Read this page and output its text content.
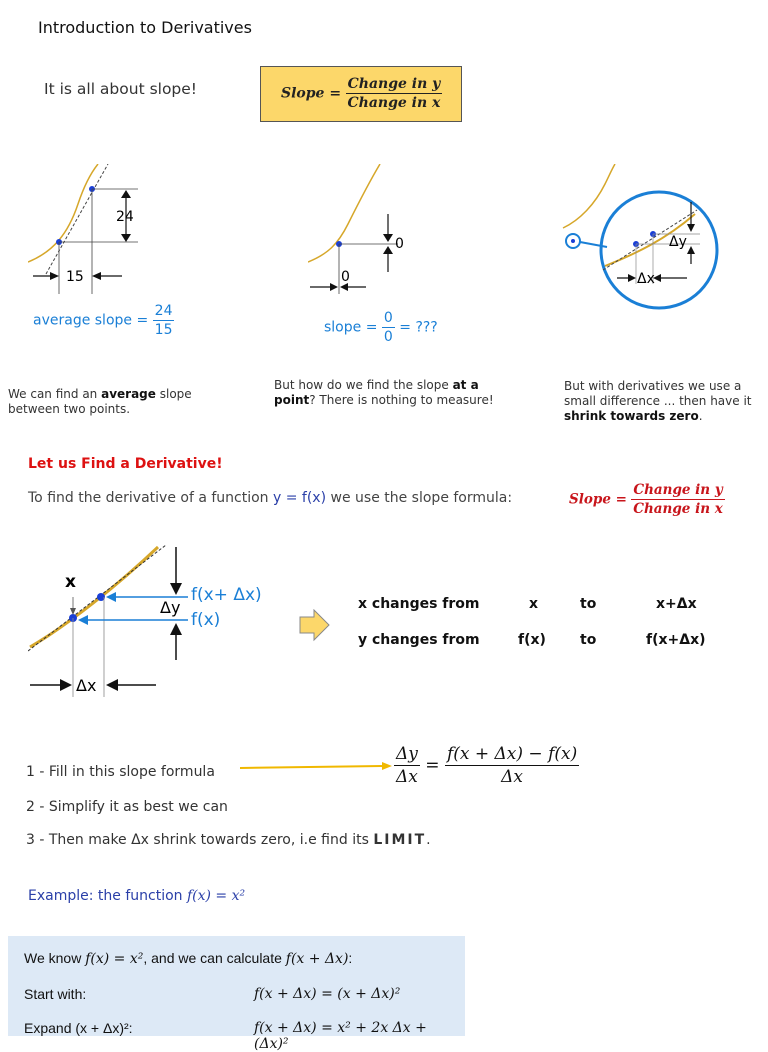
Introduction to Derivatives
It is all about slope!	Slope = $\frac{\text{Change in y}}{\text{Change in x}}$
24
15
average slope = $\frac{24}{15}$
0
0
slope = $\frac{0}{0}$ = ???
Δy
Δx
We can find an average slope between two points.
But how do we find the slope at a point? There is nothing to measure!
But with derivatives we use a small difference ... then have it shrink towards zero.
Let us Find a Derivative!
To find the derivative of a function y = f(x) we use the slope formula:	Slope = $\frac{\text{Change in y}}{\text{Change in x}}$
x
f(x+ Δx)
Δy
f(x)
Δx
x changes from	x	to	x+Δx
y changes from	f(x) to	f(x+Δx)
$\frac{\Delta y}{\Delta x} = \frac{f(x + \Delta x) - f(x)}{\Delta x}$
1 - Fill in this slope formula
2 - Simplify it as best we can
3 - Then make Δx shrink towards zero, i.e find its LIMIT.
Example: the function f(x) = x²
We know f(x) = x², and we can calculate f(x + Δx):
Start with:	f(x + Δx) = (x + Δx)²
Expand (x + Δx)²:	f(x + Δx) = x² + 2x Δx + (Δx)²
